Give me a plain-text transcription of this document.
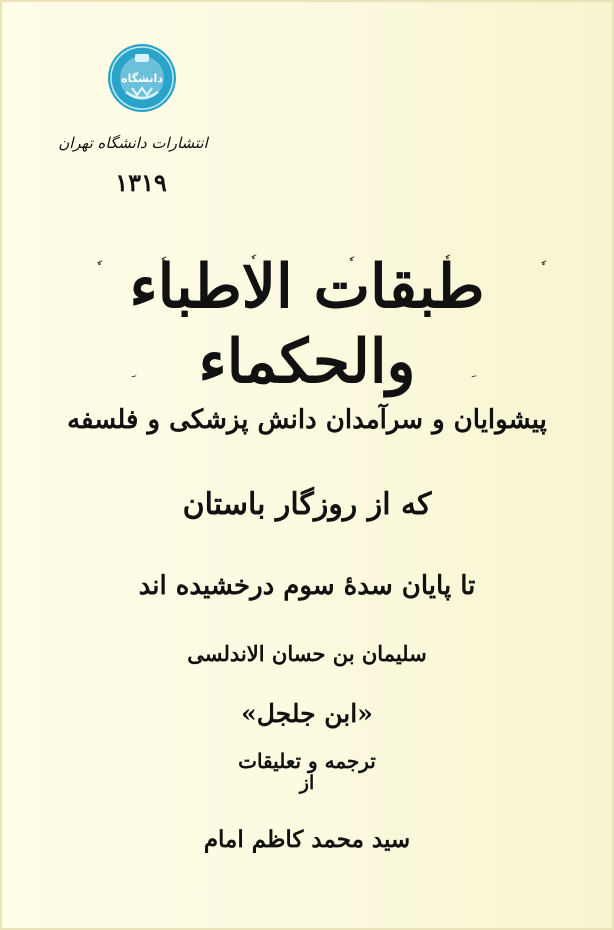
دانشگاه
انتشارات دانشگاه تهران
۱۳۱۹
طبقات الاطباء والحکماء
پیشوایان و سرآمدان دانش پزشکی و فلسفه
که از روزگار باستان
تا پایان سدهٔ سوم درخشیده اند
سلیمان بن حسان الاندلسی
«ابن جلجل»
ترجمه و تعلیقات
از
سید محمد کاظم امام
